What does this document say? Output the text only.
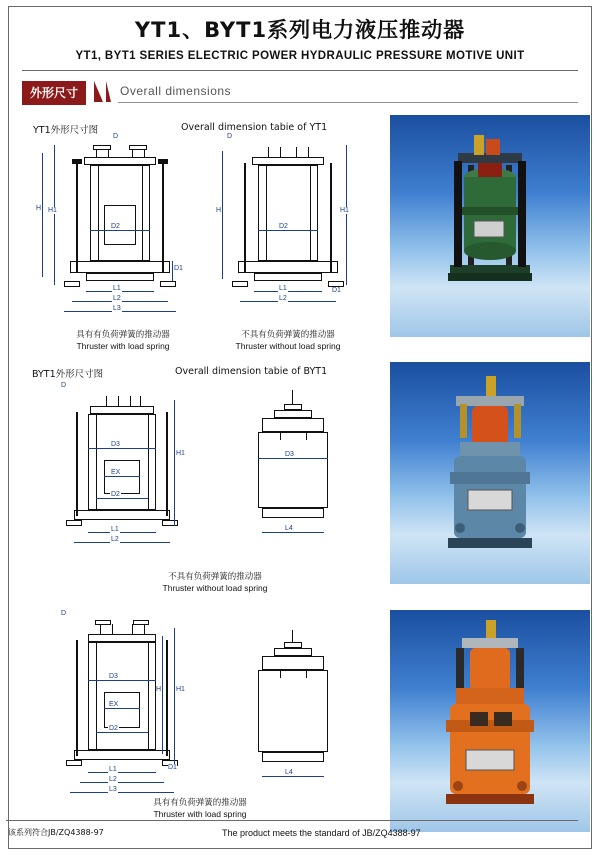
YT1、BYT1系列电力液压推动器
YT1, BYT1 SERIES ELECTRIC POWER HYDRAULIC PRESSURE MOTIVE UNIT
外形尺寸	Overall dimensions
YT1外形尺寸图	Overall dimension tabie of YT1
BYT1外形尺寸图	Overall dimension tabie of BYT1
H H1
D2
D1
L1
L2
L3
D
具有有负荷弹簧的推动器
Thruster with load spring
H	H1
D2
L1
L2
D1
D
不具有负荷弹簧的推动器
Thruster without load spring
H1
D3
EX
D2
L1
L2
D
D3
L4
不具有负荷弹簧的推动器
Thruster without load spring
H1
H
D3
EX
D2
D1
L1
L2
L3
D
L4
具有有负荷弹簧的推动器
Thruster with load spring
该系列符合JB/ZQ4388-97	The product meets the standard of JB/ZQ4388-97
